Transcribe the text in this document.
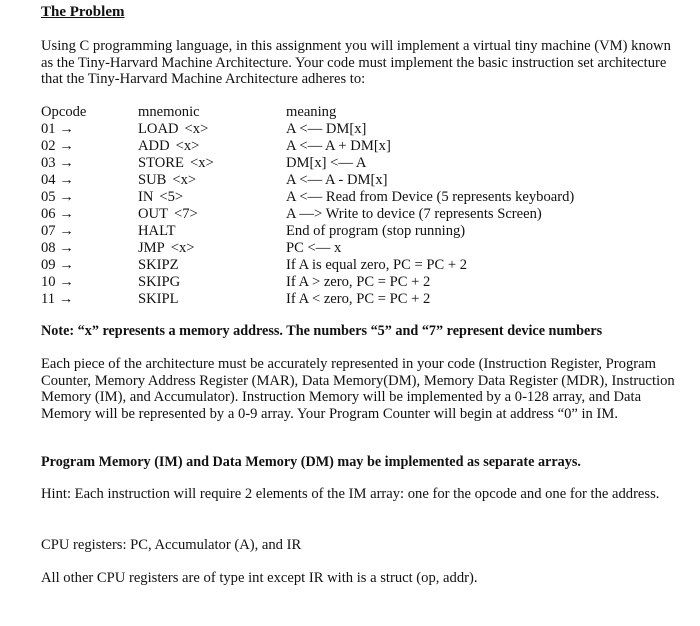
The Problem

Using C programming language, in this assignment you will implement a virtual tiny machine (VM) known as the Tiny-Harvard Machine Architecture. Your code must implement the basic instruction set architecture that the Tiny-Harvard Machine Architecture adheres to:

Opcode	mnemonic	meaning
01 →	LOAD <x>	A <— DM[x]
02 →	ADD <x>	A <— A + DM[x]
03 →	STORE <x>	DM[x] <— A
04 →	SUB <x>	A <— A - DM[x]
05 →	IN <5>	A <— Read from Device (5 represents keyboard)
06 →	OUT <7>	A —> Write to device (7 represents Screen)
07 →	HALT	End of program (stop running)
08 →	JMP <x>	PC <— x
09 →	SKIPZ	If A is equal zero, PC = PC + 2
10 →	SKIPG	If A > zero, PC = PC + 2
11 →	SKIPL	If A < zero, PC = PC + 2
Note: “x” represents a memory address. The numbers “5” and “7” represent device numbers

Each piece of the architecture must be accurately represented in your code (Instruction Register, Program Counter, Memory Address Register (MAR), Data Memory(DM), Memory Data Register (MDR), Instruction Memory (IM), and Accumulator). Instruction Memory will be implemented by a 0-128 array, and Data Memory will be represented by a 0-9 array. Your Program Counter will begin at address “0” in IM.

Program Memory (IM) and Data Memory (DM) may be implemented as separate arrays.
Hint: Each instruction will require 2 elements of the IM array: one for the opcode and one for the address.
CPU registers: PC, Accumulator (A), and IR
All other CPU registers are of type int except IR with is a struct (op, addr).
